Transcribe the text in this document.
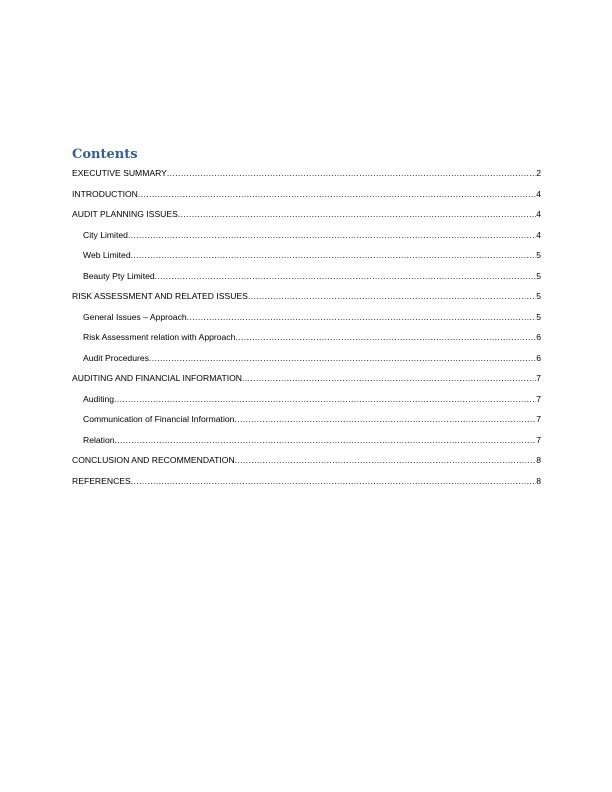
Contents
EXECUTIVE SUMMARY .....	2
INTRODUCTION .....	4
AUDIT PLANNING ISSUES .....	4
City Limited .....	4
Web Limited .....	5
Beauty Pty Limited .....	5
RISK ASSESSMENT AND RELATED ISSUES .....	5
General Issues – Approach .....	5
Risk Assessment relation with Approach .....	6
Audit Procedures .....	6
AUDITING AND FINANCIAL INFORMATION .....	7
Auditing .....	7
Communication of Financial Information .....	7
Relation .....	7
CONCLUSION AND RECOMMENDATION .....	8
REFERENCES .....	8
